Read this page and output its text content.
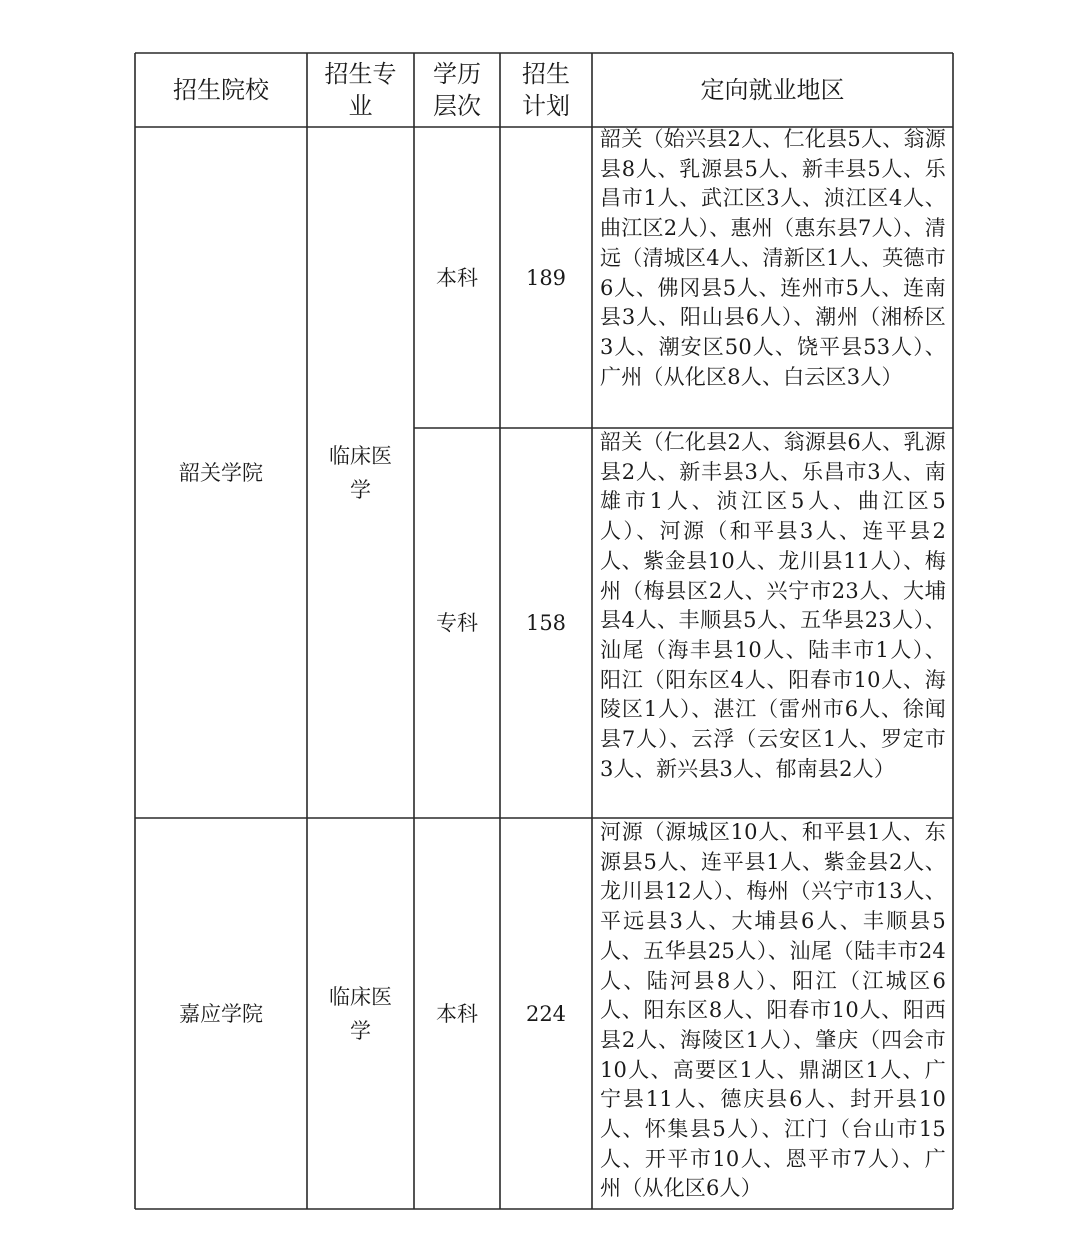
招生院校
招生专业
学历层次
招生计划
定向就业地区
韶关学院
临床医学
本科 189

韶关（始兴县2人、仁化县5人、翁源县8人、乳源县5人、新丰县5人、乐昌市1人、武江区3人、浈江区4人、曲江区2人）、惠州（惠东县7人）、清远（清城区4人、清新区1人、英德市6人、佛冈县5人、连州市5人、连南县3人、阳山县6人）、潮州（湘桥区3人、潮安区50人、饶平县53人）、广州（从化区8人、白云区3人）

专科 158

韶关（仁化县2人、翁源县6人、乳源县2人、新丰县3人、乐昌市3人、南雄市1人、浈江区5人、曲江区5人）、河源（和平县3人、连平县2人、紫金县10人、龙川县11人）、梅州（梅县区2人、兴宁市23人、大埔县4人、丰顺县5人、五华县23人）、汕尾（海丰县10人、陆丰市1人）、阳江（阳东区4人、阳春市10人、海陵区1人）、湛江（雷州市6人、徐闻县7人）、云浮（云安区1人、罗定市3人、新兴县3人、郁南县2人）

嘉应学院
临床医学
本科 224

河源（源城区10人、和平县1人、东源县5人、连平县1人、紫金县2人、龙川县12人）、梅州（兴宁市13人、平远县3人、大埔县6人、丰顺县5人、五华县25人）、汕尾（陆丰市24人、陆河县8人）、阳江（江城区6人、阳东区8人、阳春市10人、阳西县2人、海陵区1人）、肇庆（四会市10人、高要区1人、鼎湖区1人、广宁县11人、德庆县6人、封开县10人、怀集县5人）、江门（台山市15人、开平市10人、恩平市7人）、广州（从化区6人）
